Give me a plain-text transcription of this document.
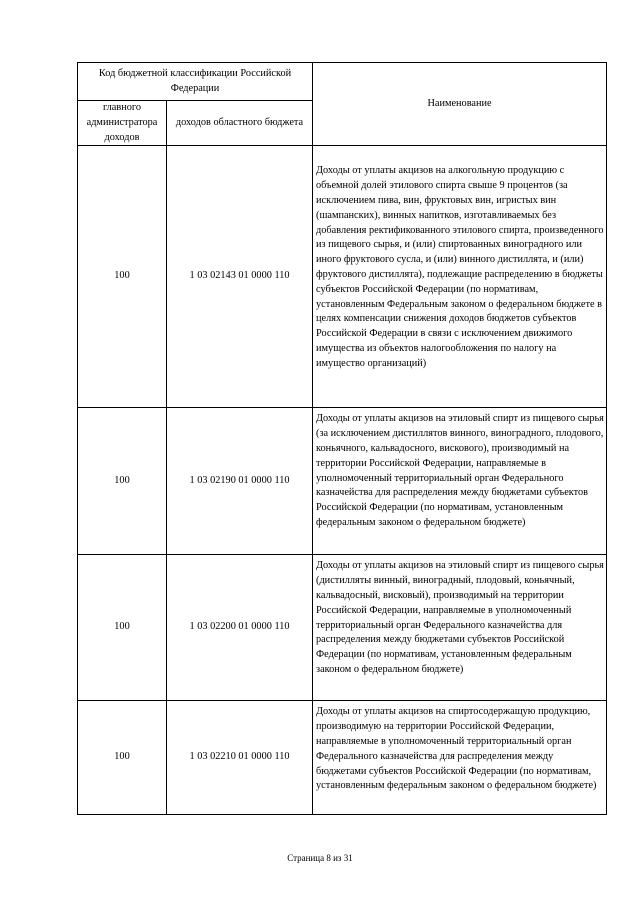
Код бюджетной классификации Российской Федерации		Наименование
главного администратора доходов	доходов областного бюджета	
100	1 03 02143 01 0000 110	Доходы от уплаты акцизов на алкогольную продукцию с объемной долей этилового спирта свыше 9 процентов (за исключением пива, вин, фруктовых вин, игристых вин (шампанских), винных напитков, изготавливаемых без добавления ректификованного этилового спирта, произведенного из пищевого сырья, и (или) спиртованных виноградного или иного фруктового сусла, и (или) винного дистиллята, и (или) фруктового дистиллята), подлежащие распределению в бюджеты субъектов Российской Федерации (по нормативам, установленным Федеральным законом о федеральном бюджете в целях компенсации снижения доходов бюджетов субъектов Российской Федерации в связи с исключением движимого имущества из объектов налогообложения по налогу на имущество организаций)
100	1 03 02190 01 0000 110	Доходы от уплаты акцизов на этиловый спирт из пищевого сырья (за исключением дистиллятов винного, виноградного, плодового, коньячного, кальвадосного, вискового), производимый на территории Российской Федерации, направляемые в уполномоченный территориальный орган Федерального казначейства для распределения между бюджетами субъектов Российской Федерации (по нормативам, установленным федеральным законом о федеральном бюджете)
100	1 03 02200 01 0000 110	Доходы от уплаты акцизов на этиловый спирт из пищевого сырья (дистилляты винный, виноградный, плодовый, коньячный, кальвадосный, висковый), производимый на территории Российской Федерации, направляемые в уполномоченный территориальный орган Федерального казначейства для распределения между бюджетами субъектов Российской Федерации (по нормативам, установленным федеральным законом о федеральном бюджете)
100	1 03 02210 01 0000 110	Доходы от уплаты акцизов на спиртосодержащую продукцию, производимую на территории Российской Федерации, направляемые в уполномоченный территориальный орган Федерального казначейства для распределения между бюджетами субъектов Российской Федерации (по нормативам, установленным федеральным законом о федеральном бюджете)
Страница 8 из 31
